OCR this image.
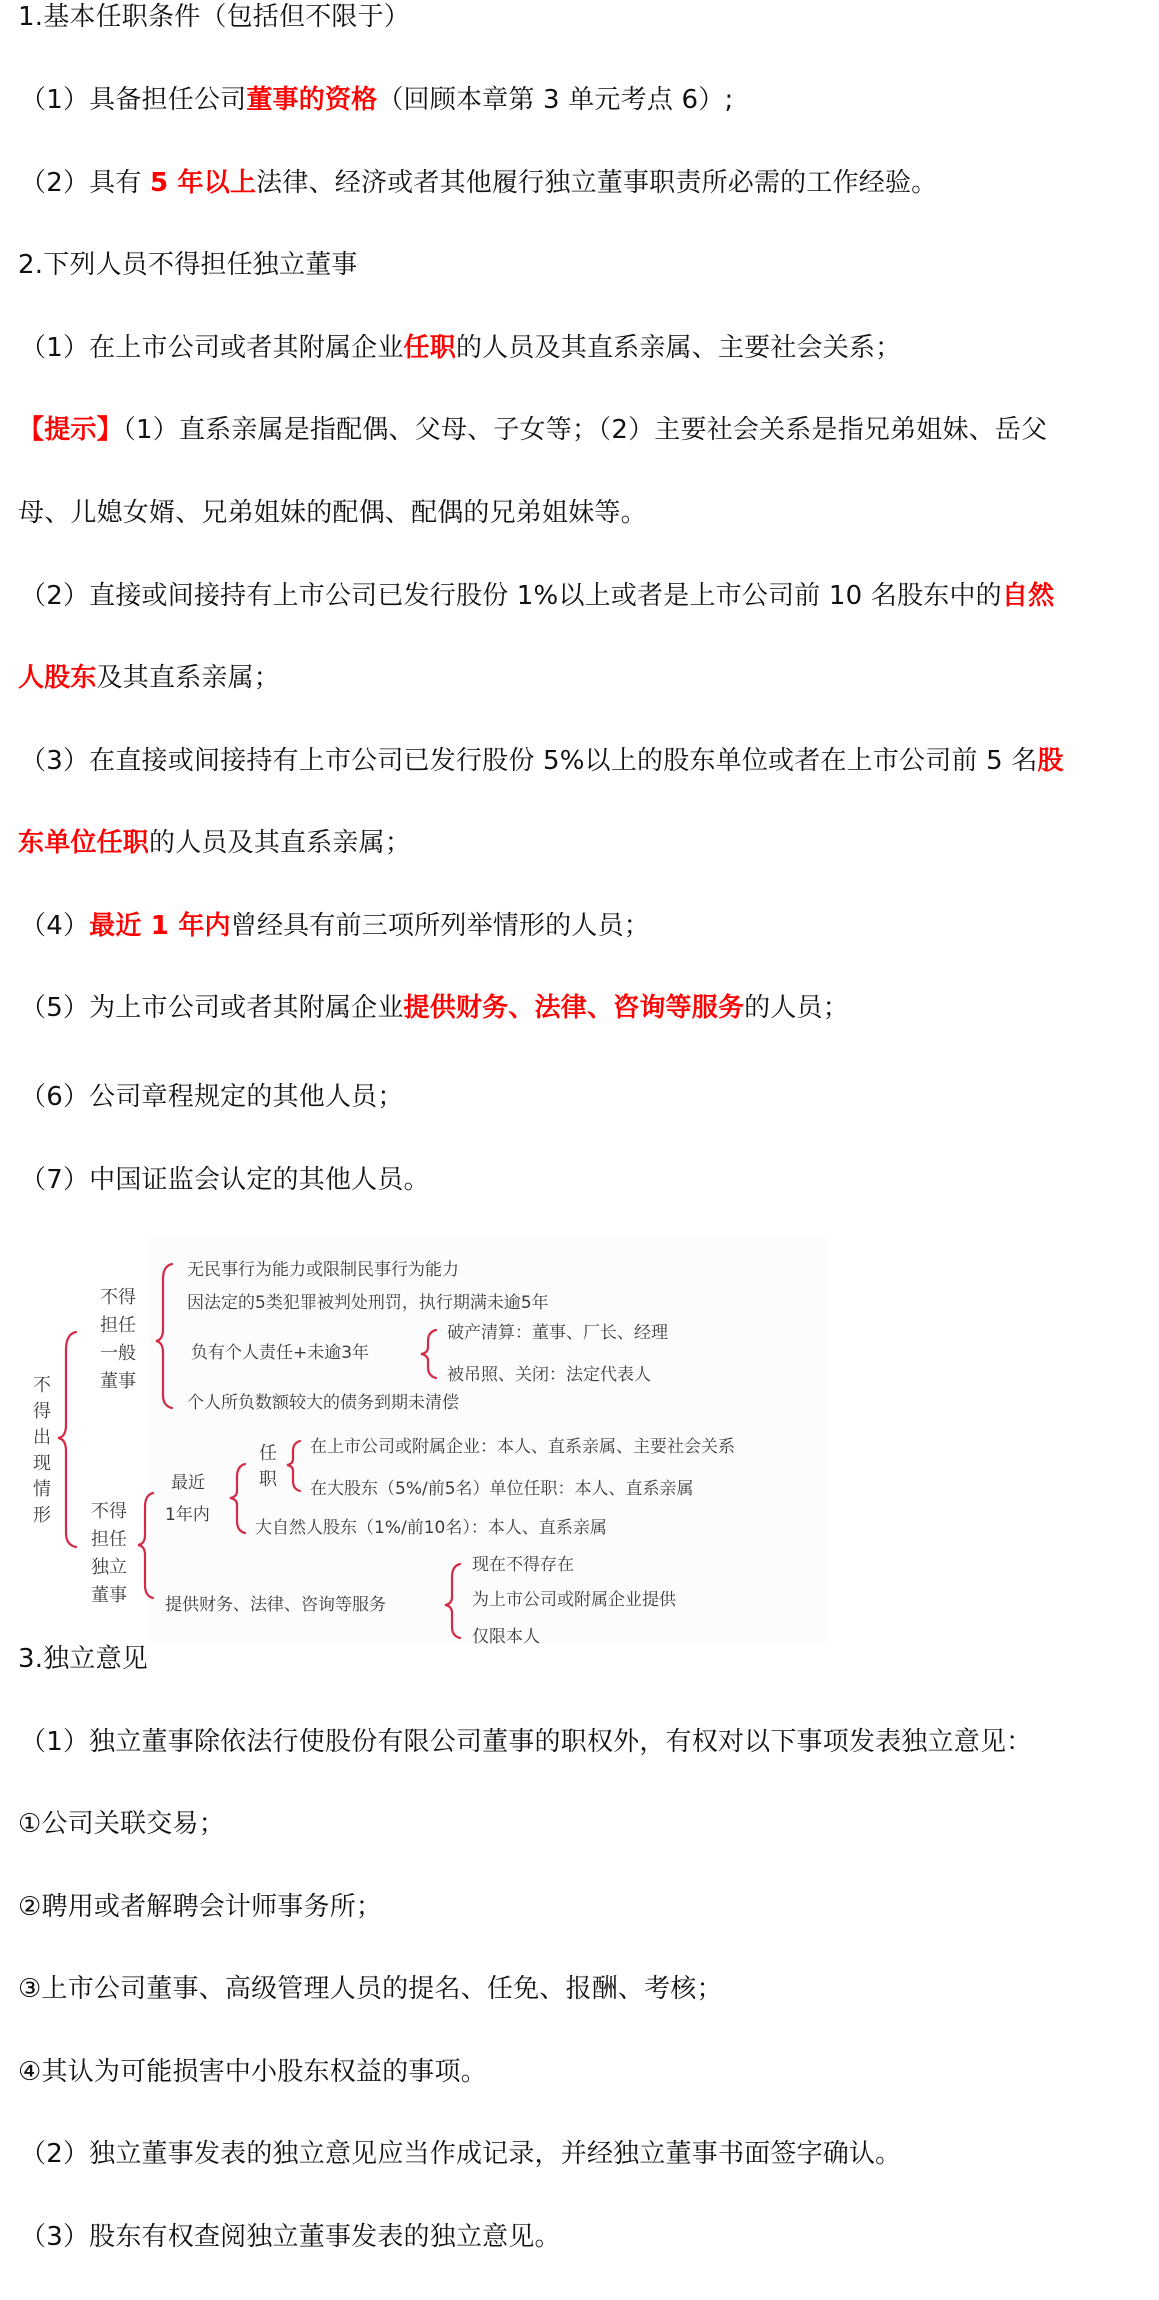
1.基本任职条件（包括但不限于）
（1）具备担任公司董事的资格（回顾本章第 3 单元考点 6）;
（2）具有 5 年以上法律、经济或者其他履行独立董事职责所必需的工作经验。
2.下列人员不得担任独立董事
（1）在上市公司或者其附属企业任职的人员及其直系亲属、主要社会关系；
【提示】（1）直系亲属是指配偶、父母、子女等；（2）主要社会关系是指兄弟姐妹、岳父
母、儿媳女婿、兄弟姐妹的配偶、配偶的兄弟姐妹等。
（2）直接或间接持有上市公司已发行股份 1%以上或者是上市公司前 10 名股东中的自然
人股东及其直系亲属；
（3）在直接或间接持有上市公司已发行股份 5%以上的股东单位或者在上市公司前 5 名股
东单位任职的人员及其直系亲属；
（4）最近 1 年内曾经具有前三项所列举情形的人员；
（5）为上市公司或者其附属企业提供财务、法律、咨询等服务的人员；
（6）公司章程规定的其他人员；
（7）中国证监会认定的其他人员。
不得出现情形
不得担任一般董事
无民事行为能力或限制民事行为能力
因法定的5类犯罪被判处刑罚，执行期满未逾5年
负有个人责任+未逾3年
个人所负数额较大的债务到期未清偿
破产清算：董事、厂长、经理
被吊照、关闭：法定代表人
不得担任独立董事
最近
1年内
任职
在上市公司或附属企业：本人、直系亲属、主要社会关系
在大股东（5%/前5名）单位任职：本人、直系亲属
大自然人股东（1%/前10名）：本人、直系亲属
提供财务、法律、咨询等服务
现在不得存在
为上市公司或附属企业提供
仅限本人
3.独立意见
（1）独立董事除依法行使股份有限公司董事的职权外，有权对以下事项发表独立意见：
①公司关联交易；
②聘用或者解聘会计师事务所；
③上市公司董事、高级管理人员的提名、任免、报酬、考核；
④其认为可能损害中小股东权益的事项。
（2）独立董事发表的独立意见应当作成记录，并经独立董事书面签字确认。
（3）股东有权查阅独立董事发表的独立意见。
